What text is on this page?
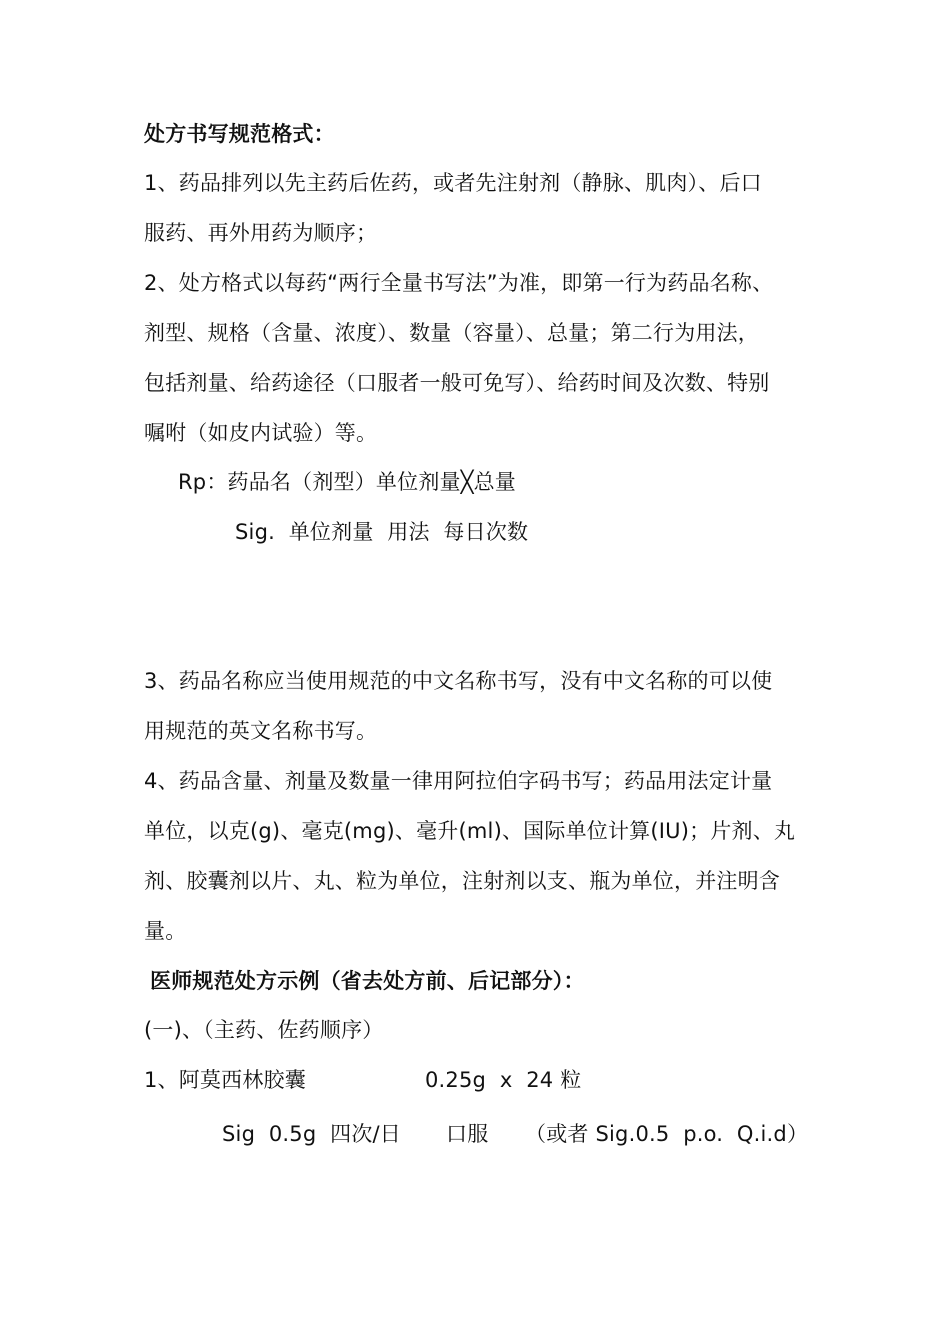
处方书写规范格式：
1、药品排列以先主药后佐药，或者先注射剂（静脉、肌肉）、后口
服药、再外用药为顺序；
2、处方格式以每药“两行全量书写法”为准，即第一行为药品名称、
剂型、规格（含量、浓度）、数量（容量）、总量；第二行为用法，
包括剂量、给药途径（口服者一般可免写）、给药时间及次数、特别
嘱咐（如皮内试验）等。
Rp：药品名（剂型）单位剂量╳总量
Sig.  单位剂量  用法  每日次数
3、药品名称应当使用规范的中文名称书写，没有中文名称的可以使
用规范的英文名称书写。
4、药品含量、剂量及数量一律用阿拉伯字码书写；药品用法定计量
单位，以克(g)、毫克(mg)、毫升(ml)、国际单位计算(IU)；片剂、丸
剂、胶囊剂以片、丸、粒为单位，注射剂以支、瓶为单位，并注明含
量。
医师规范处方示例（省去处方前、后记部分）：
(一)、（主药、佐药顺序）
1、阿莫西林胶囊	0.25g  x  24 粒
Sig  0.5g  四次/日 口服 （或者 Sig.0.5  p.o.  Q.i.d）
